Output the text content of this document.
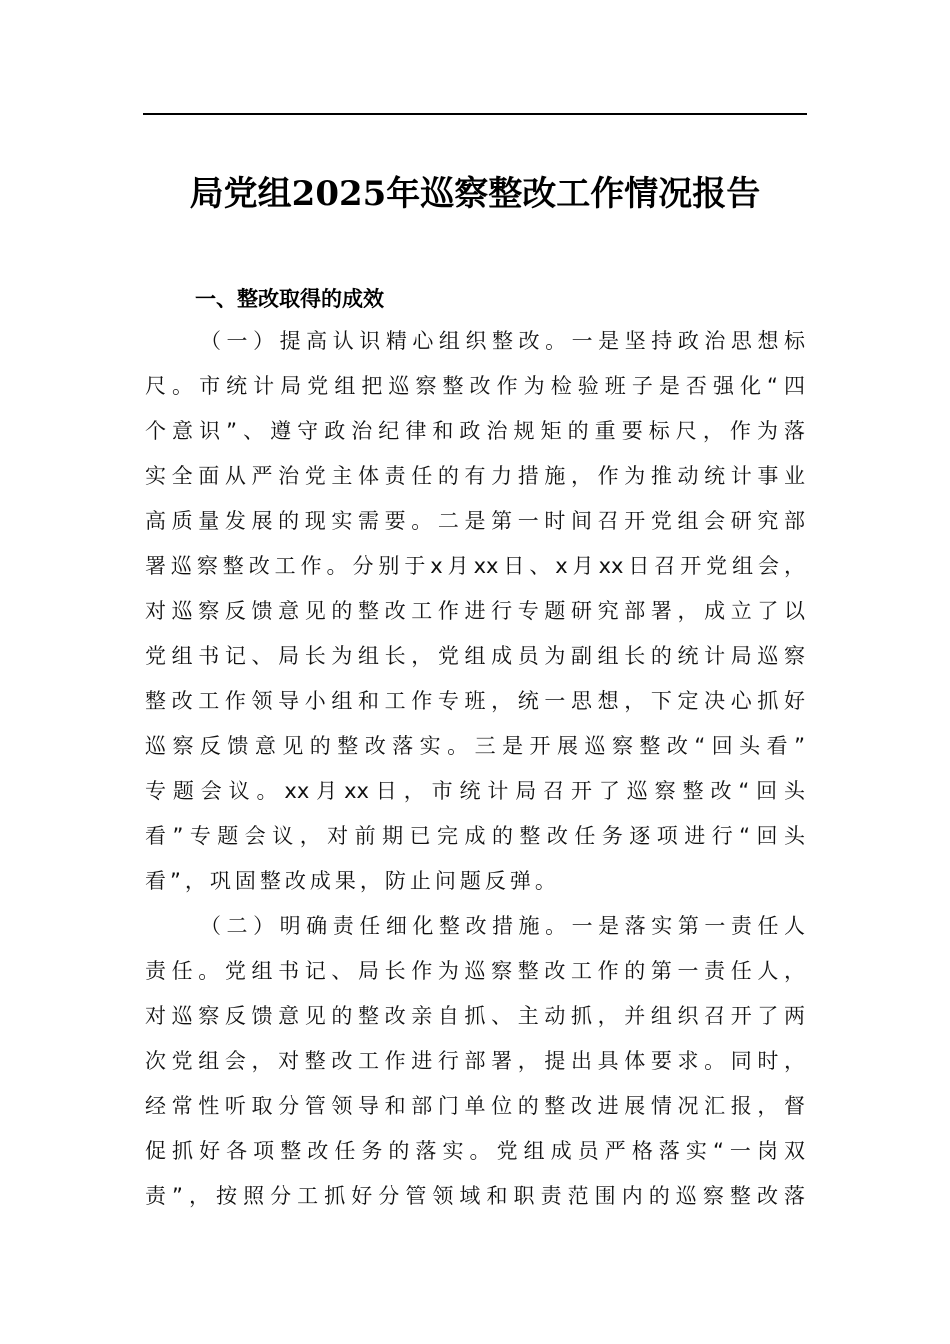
局党组2025年巡察整改工作情况报告
一、整改取得的成效
（一）提高认识精心组织整改。一是坚持政治思想标
尺。市统计局党组把巡察整改作为检验班子是否强化“四
个意识”、遵守政治纪律和政治规矩的重要标尺，作为落
实全面从严治党主体责任的有力措施，作为推动统计事业
高质量发展的现实需要。二是第一时间召开党组会研究部
署巡察整改工作。分别于x月xx日、x月xx日召开党组会，
对巡察反馈意见的整改工作进行专题研究部署，成立了以
党组书记、局长为组长，党组成员为副组长的统计局巡察
整改工作领导小组和工作专班，统一思想，下定决心抓好
巡察反馈意见的整改落实。三是开展巡察整改“回头看”
专题会议。xx月xx日，市统计局召开了巡察整改“回头
看”专题会议，对前期已完成的整改任务逐项进行“回头
看”，巩固整改成果，防止问题反弹。
（二）明确责任细化整改措施。一是落实第一责任人
责任。党组书记、局长作为巡察整改工作的第一责任人，
对巡察反馈意见的整改亲自抓、主动抓，并组织召开了两
次党组会，对整改工作进行部署，提出具体要求。同时，
经常性听取分管领导和部门单位的整改进展情况汇报，督
促抓好各项整改任务的落实。党组成员严格落实“一岗双
责”，按照分工抓好分管领域和职责范围内的巡察整改落
